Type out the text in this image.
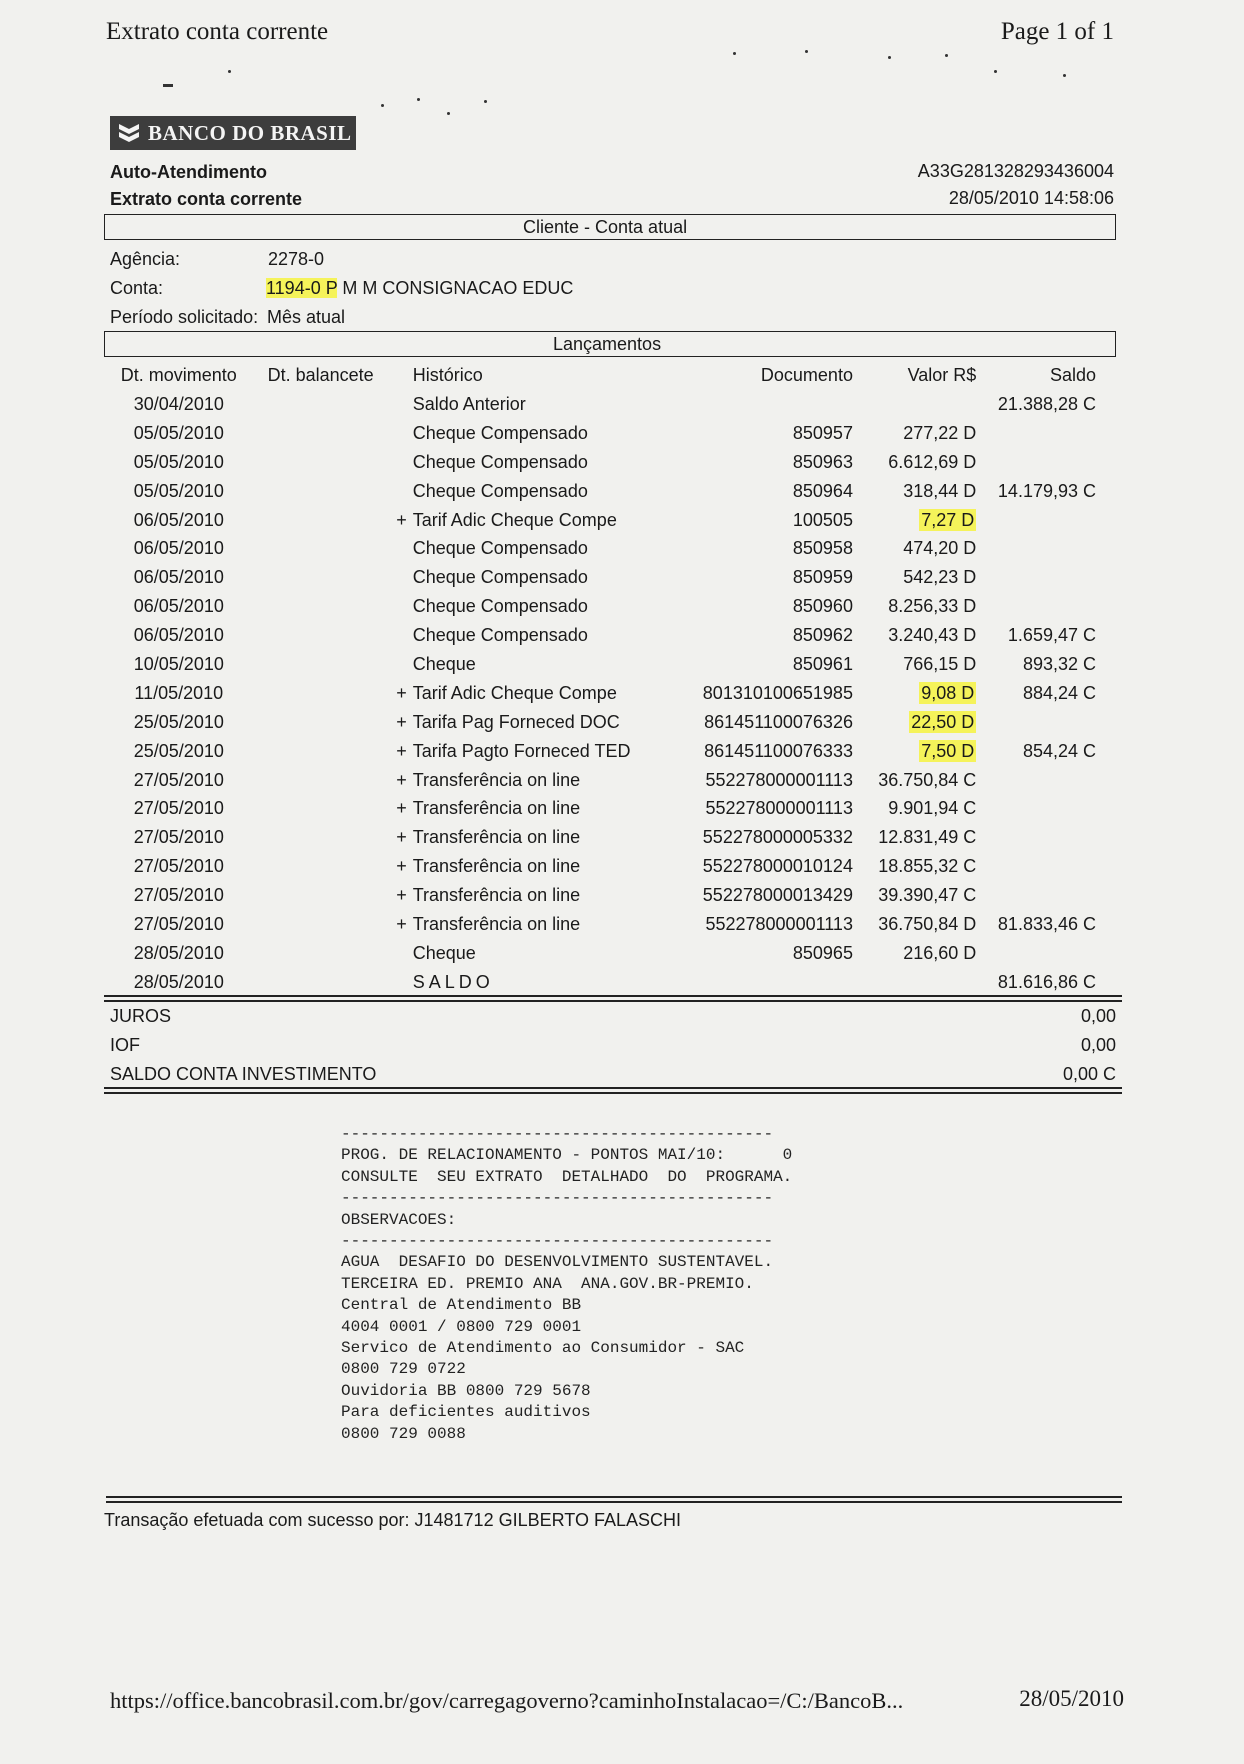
Extrato conta corrente	Page 1 of 1
BANCO DO BRASIL
Auto-Atendimento
Extrato conta corrente
A33G281328293436004
28/05/2010 14:58:06
Cliente - Conta atual
Agência:	2278-0
Conta:	1194-0 P M M CONSIGNACAO EDUC
Período solicitado: Mês atual
Lançamentos
Dt. movimento	Dt. balancete		Histórico	Documento	Valor R$	Saldo
30/04/2010			Saldo Anterior			21.388,28 C
05/05/2010			Cheque Compensado	850957	277,22 D	
05/05/2010			Cheque Compensado	850963	6.612,69 D	
05/05/2010			Cheque Compensado	850964	318,44 D	14.179,93 C
06/05/2010		+	Tarif Adic Cheque Compe	100505	7,27 D	
06/05/2010			Cheque Compensado	850958	474,20 D	
06/05/2010			Cheque Compensado	850959	542,23 D	
06/05/2010			Cheque Compensado	850960	8.256,33 D	
06/05/2010			Cheque Compensado	850962	3.240,43 D	1.659,47 C
10/05/2010			Cheque	850961	766,15 D	893,32 C
11/05/2010		+	Tarif Adic Cheque Compe	801310100651985	9,08 D	884,24 C
25/05/2010		+	Tarifa Pag Forneced DOC	861451100076326	22,50 D	
25/05/2010		+	Tarifa Pagto Forneced TED	861451100076333	7,50 D	854,24 C
27/05/2010		+	Transferência on line	552278000001113	36.750,84 C	
27/05/2010		+	Transferência on line	552278000001113	9.901,94 C	
27/05/2010		+	Transferência on line	552278000005332	12.831,49 C	
27/05/2010		+	Transferência on line	552278000010124	18.855,32 C	
27/05/2010		+	Transferência on line	552278000013429	39.390,47 C	
27/05/2010		+	Transferência on line	552278000001113	36.750,84 D	81.833,46 C
28/05/2010			Cheque	850965	216,60 D	
28/05/2010			SALDO			81.616,86 C
JUROS	0,00
IOF	0,00
SALDO CONTA INVESTIMENTO	0,00 C
---------------------------------------------
PROG. DE RELACIONAMENTO - PONTOS MAI/10:      0
CONSULTE  SEU EXTRATO  DETALHADO  DO  PROGRAMA.
---------------------------------------------
OBSERVACOES:
---------------------------------------------
AGUA  DESAFIO DO DESENVOLVIMENTO SUSTENTAVEL.
TERCEIRA ED. PREMIO ANA  ANA.GOV.BR-PREMIO.
Central de Atendimento BB
4004 0001 / 0800 729 0001
Servico de Atendimento ao Consumidor - SAC
0800 729 0722
Ouvidoria BB 0800 729 5678
Para deficientes auditivos
0800 729 0088
Transação efetuada com sucesso por: J1481712 GILBERTO FALASCHI
https://office.bancobrasil.com.br/gov/carregagoverno?caminhoInstalacao=/C:/BancoB...	28/05/2010
